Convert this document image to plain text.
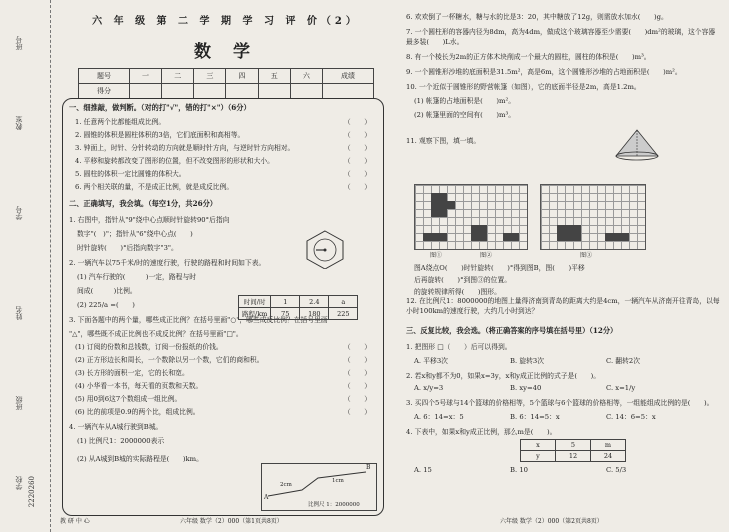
班号
教室
学号
姓名
班级
学校 2220260
六 年 级 第 二 学 期 学 习 评 价（2）
数 学
题号	一	二	三	四	五	六	成绩
得分							
一、细推敲，做判断。（对的打"√"，错的打"×"）（6分）
1. 任意两个比都能组成比例。	（　　）
2. 圆锥的体积是圆柱体积的3倍，它们底面积和高相等。	（　　）
3. 钟面上，时针、分针转动的方向就是顺时针方向，与逆时针方向相对。	（　　）
4. 平移和旋转都改变了图形的位置，但不改变图形的形状和大小。	（　　）
5. 圆柱的体积一定比圆锥的体积大。	（　　）
6. 两个相关联的量，不是成正比例，就是成反比例。	（　　）
二、正确填写，我会填。（每空1分，共26分）
1. 右图中，指针从"9"绕中心点顺时针旋转90°后指向
数字"(　)"；指针从"6"绕中心点(　　)
时针旋转(　　)°后指向数字"3"。
2. 一辆汽车以75千米/时的速度行驶，行驶的路程和时间如下表。
(1) 汽车行驶的(　　　)一定，路程与时
间成(　　　)比例。
(2) 225/a =(　　)	时间/时	1	2.4	a
路程/km	75	180	225
3. 下面各题中的两个量，哪些成正比例？在括号里画"○"，哪些成反比例？在括号里画
"△"，哪些既不成正比例也不成反比例？在括号里画"□"。
(1) 订阅的份数和总钱数，订阅一份报纸的价钱。	（　　）
(2) 正方形边长和周长，一个数除以另一个数，它们的商和积。	（　　）
(3) 长方形的面积一定，它的长和宽。	（　　）
(4) 小华看一本书，每天看的页数和天数。	（　　）
(5) 用0到6这7个数组成一组比例。	（　　）
(6) 比的前项是0.9的两个比，组成比例。	（　　）
4. 一辆汽车从A城行驶到B城。
(1) 比例尺1：2000000表示
(2) 从A城到B城的实际路程是(　　)km。
A
B
2cm
1cm
比例尺 1：2000000
6. 欢欢倒了一杯糖水，糖与水的比是3：20，其中糖放了12g，则需放水加水(　　)g。
7. 一个圆柱形的容器内径为8dm，高为4dm，做成这个玻璃容器至少需要(　　)dm²的玻璃，这个容器最多装(　　)L水。
8. 有一个棱长为2m的正方体木块削成一个最大的圆柱，圆柱的体积是(　　)m³。
9. 一个圆锥形沙堆的底面积是31.5m²，高是6m，这个圆锥形沙堆的占地面积是(　　)m²。
10. 一个近似于圆锥形的野营帐篷（如图），它的底面半径是2m，高是1.2m。
(1) 帐篷的占地面积是(　　)m²。
(2) 帐篷里面的空间有(　　)m³。
11. 观察下图，填一填。
图①	图②	图③
图A绕点O(　　)时针旋转(　　)°得到图B，图(　　)平移
后再旋转(　　)°到图③的位置。
的旋转规律所得(　　)图形。
12. 在比例尺1：8000000的地图上量得济南到青岛的距离大约是4cm，一辆汽车从济南开往青岛，以每小时100km的速度行驶，大约几小时到达？
三、反复比较，我会选。（将正确答案的序号填在括号里）（12分）
1. 把图形 □（　　）后可以得到。
A. 平移3次	B. 旋转3次	C. 翻转2次
2. 若x和y都不为0，如果x=3y，x和y成正比例的式子是(　　)。
A. x/y=3	B. xy=40	C. x=1/y
3. 买四个5号球与14个篮球的价格相等，5个篮球与6个篮球的价格相等，一组能组成比例的是(　　)。
A. 6：14=x：5	B. 6：14=5：x	C. 14：6=5：x
4. 下表中，如果x和y成正比例，那么m是(　　)。
x	5	m
y	12	24
A. 15	B. 10	C. 5/3
教 研 中 心	六年级 数学（2）000（第1页共8页）	六年级 数学（2）000（第2页共8页）
